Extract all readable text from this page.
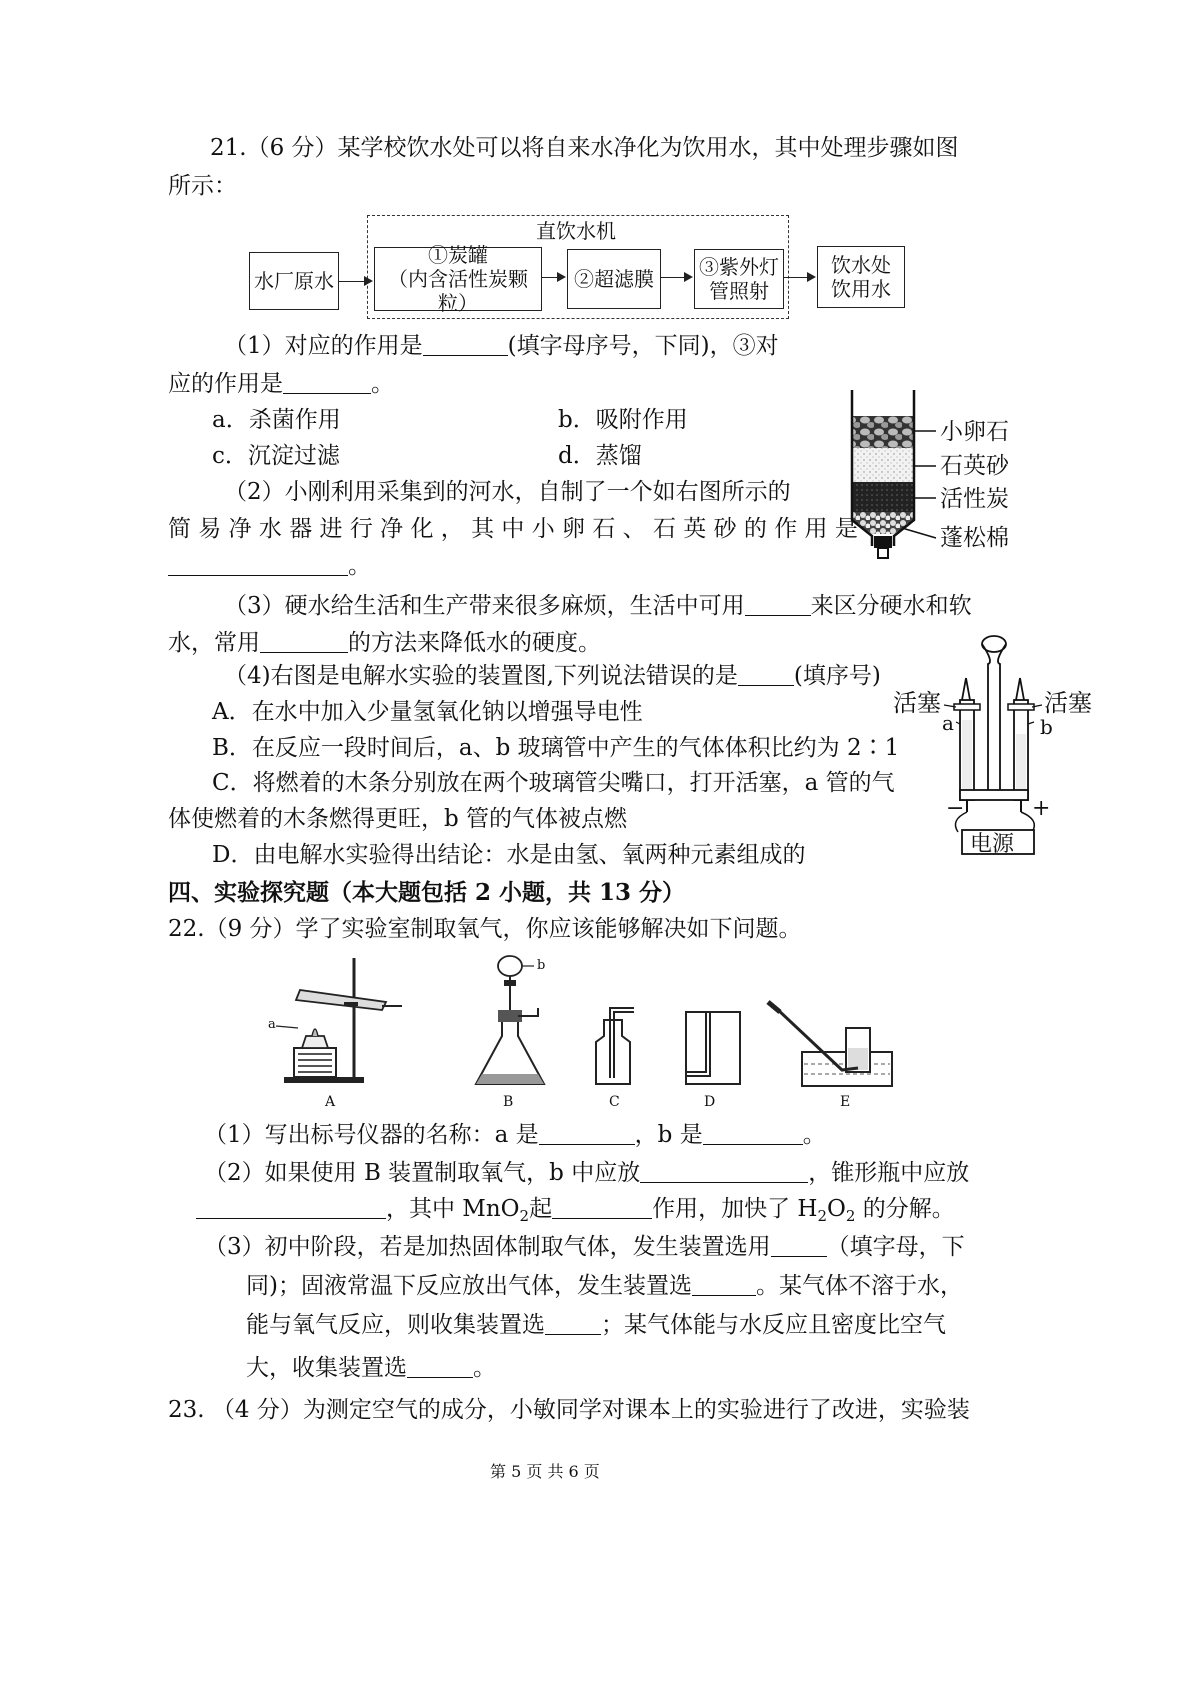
21.（6 分）某学校饮水处可以将自来水净化为饮用水，其中处理步骤如图
所示：
直饮水机
水厂原水
①炭罐
（内含活性炭颗粒）
②超滤膜	③紫外灯
管照射
饮水处
饮用水
（1）对应的作用是	(填字母序号，下同)，③对
应的作用是	。
a．杀菌作用	b．吸附作用
c．沉淀过滤	d．蒸馏
（2）小刚利用采集到的河水，自制了一个如右图所示的
简 易 净 水 器 进 行 净 化 ， 其 中 小 卵 石 、 石 英 砂 的 作 用 是
。
小卵石
石英砂
活性炭
蓬松棉
（3）硬水给生活和生产带来很多麻烦，生活中可用	来区分硬水和软
水，常用	的方法来降低水的硬度。
（4)右图是电解水实验的装置图,下列说法错误的是 (填序号)
A．在水中加入少量氢氧化钠以增强导电性
B．在反应一段时间后，a、b 玻璃管中产生的气体体积比约为 2∶1
C．将燃着的木条分别放在两个玻璃管尖嘴口，打开活塞，a 管的气
体使燃着的木条燃得更旺，b 管的气体被点燃
D．由电解水实验得出结论：水是由氢、氧两种元素组成的
活塞	活塞
a	b
−	+
电源
四、实验探究题（本大题包括 2 小题，共 13 分）
22.（9 分）学了实验室制取氧气，你应该能够解决如下问题。
A	B	C	D	E
a
b
（1）写出标号仪器的名称：a 是	，b 是	。
（2）如果使用 B 装置制取氧气，b 中应放	，锥形瓶中应放
，其中 MnO$_2$起	作用，加快了 $H_2O_2$ 的分解。
（3）初中阶段，若是加热固体制取气体，发生装置选用 （填字母，下
同)；固液常温下反应放出气体，发生装置选	。某气体不溶于水，
能与氧气反应，则收集装置选 ；某气体能与水反应且密度比空气
大，收集装置选	。
23. （4 分）为测定空气的成分，小敏同学对课本上的实验进行了改进，实验装
第 5 页 共 6 页
